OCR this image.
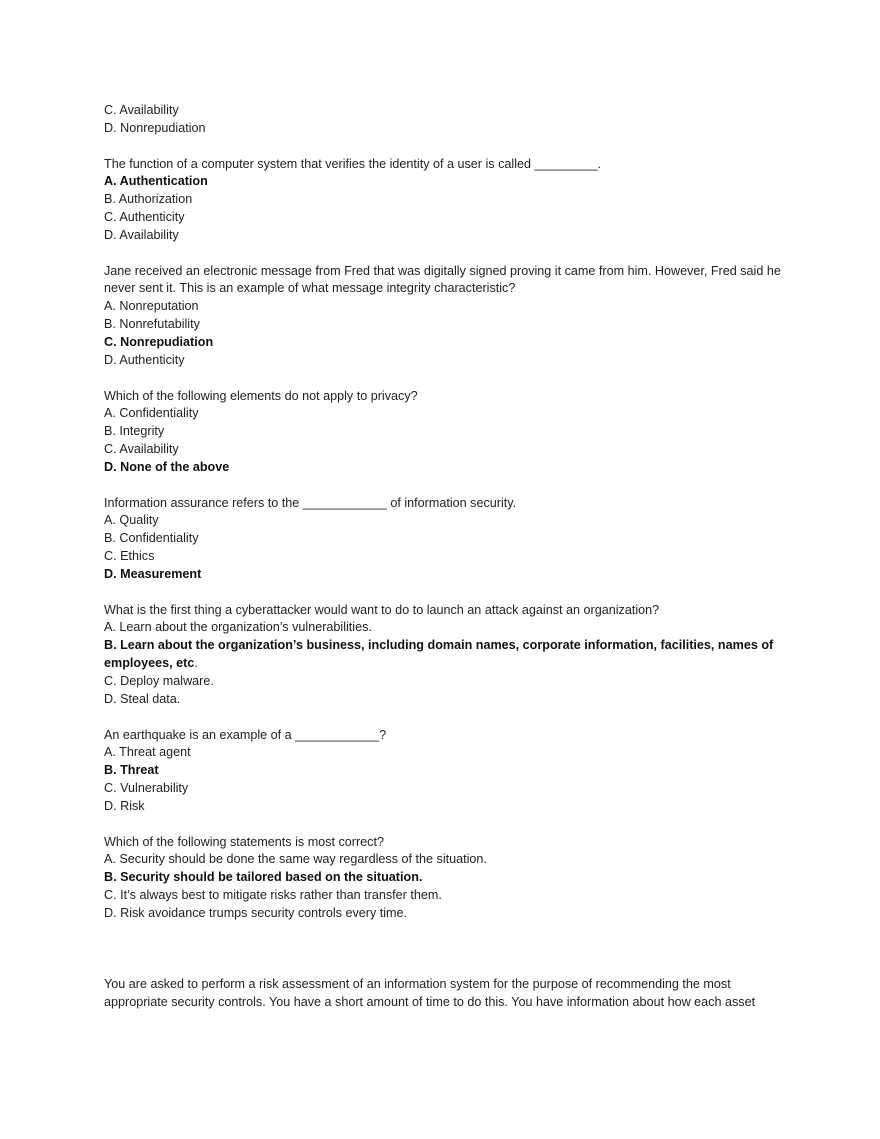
C. Availability
D. Nonrepudiation
The function of a computer system that verifies the identity of a user is called _________.
A. Authentication
B. Authorization
C. Authenticity
D. Availability
Jane received an electronic message from Fred that was digitally signed proving it came from him. However, Fred said he never sent it. This is an example of what message integrity characteristic?
A. Nonreputation
B. Nonrefutability
C. Nonrepudiation
D. Authenticity
Which of the following elements do not apply to privacy?
A. Confidentiality
B. Integrity
C. Availability
D. None of the above
Information assurance refers to the ____________ of information security.
A. Quality
B. Confidentiality
C. Ethics
D. Measurement
What is the first thing a cyberattacker would want to do to launch an attack against an organization?
A. Learn about the organization’s vulnerabilities.
B. Learn about the organization’s business, including domain names, corporate information, facilities, names of employees, etc.
C. Deploy malware.
D. Steal data.
An earthquake is an example of a ____________?
A. Threat agent
B. Threat
C. Vulnerability
D. Risk
Which of the following statements is most correct?
A. Security should be done the same way regardless of the situation.
B. Security should be tailored based on the situation.
C. It’s always best to mitigate risks rather than transfer them.
D. Risk avoidance trumps security controls every time.
You are asked to perform a risk assessment of an information system for the purpose of recommending the most appropriate security controls. You have a short amount of time to do this. You have information about how each asset
